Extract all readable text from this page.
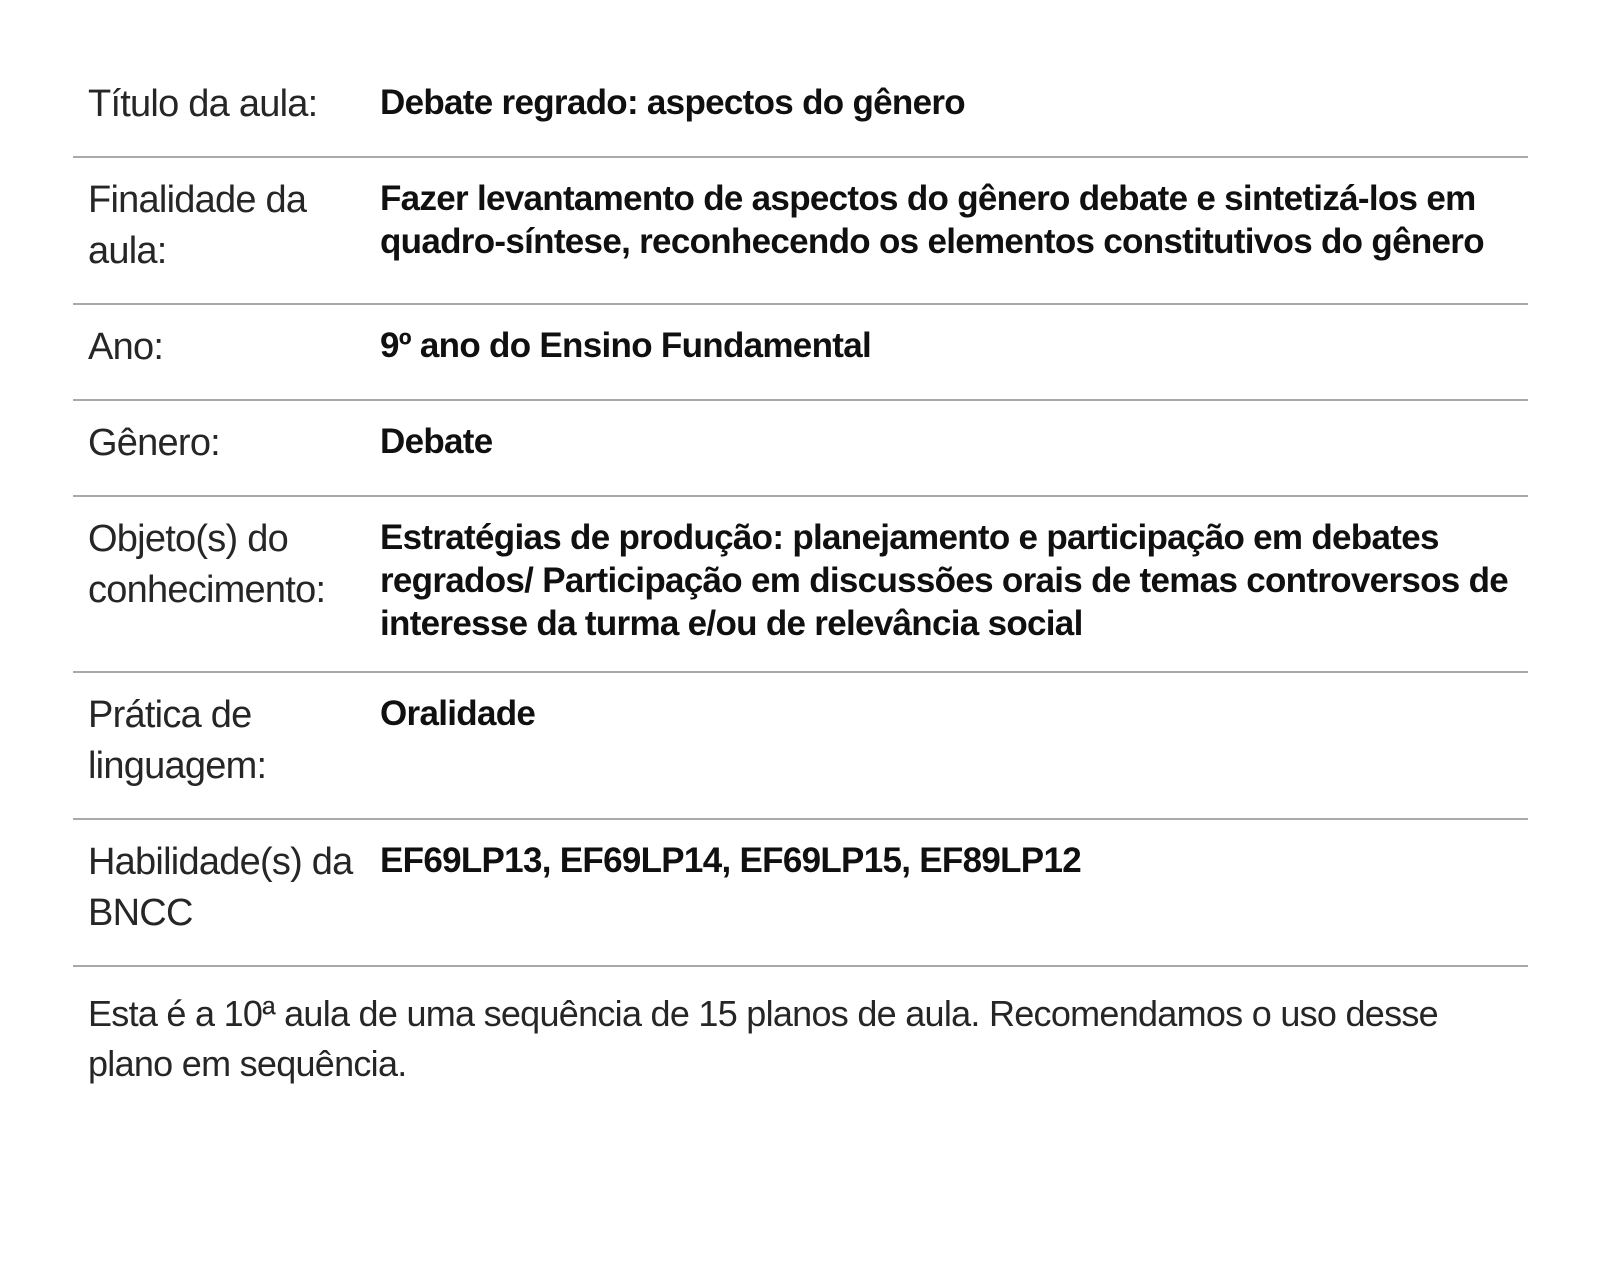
Título da aula:	Debate regrado: aspectos do gênero
Finalidade da aula:
Fazer levantamento de aspectos do gênero debate e sintetizá-los em quadro-síntese, reconhecendo os elementos constitutivos do gênero
Ano:	9º ano do Ensino Fundamental
Gênero:	Debate
Objeto(s) do conhecimento:
Estratégias de produção: planejamento e participação em debates regrados/ Participação em discussões orais de temas controversos de interesse da turma e/ou de relevância social
Prática de linguagem:
Oralidade
Habilidade(s) da BNCC
EF69LP13, EF69LP14, EF69LP15, EF89LP12
Esta é a 10ª aula de uma sequência de 15 planos de aula. Recomendamos o uso desse plano em sequência.
